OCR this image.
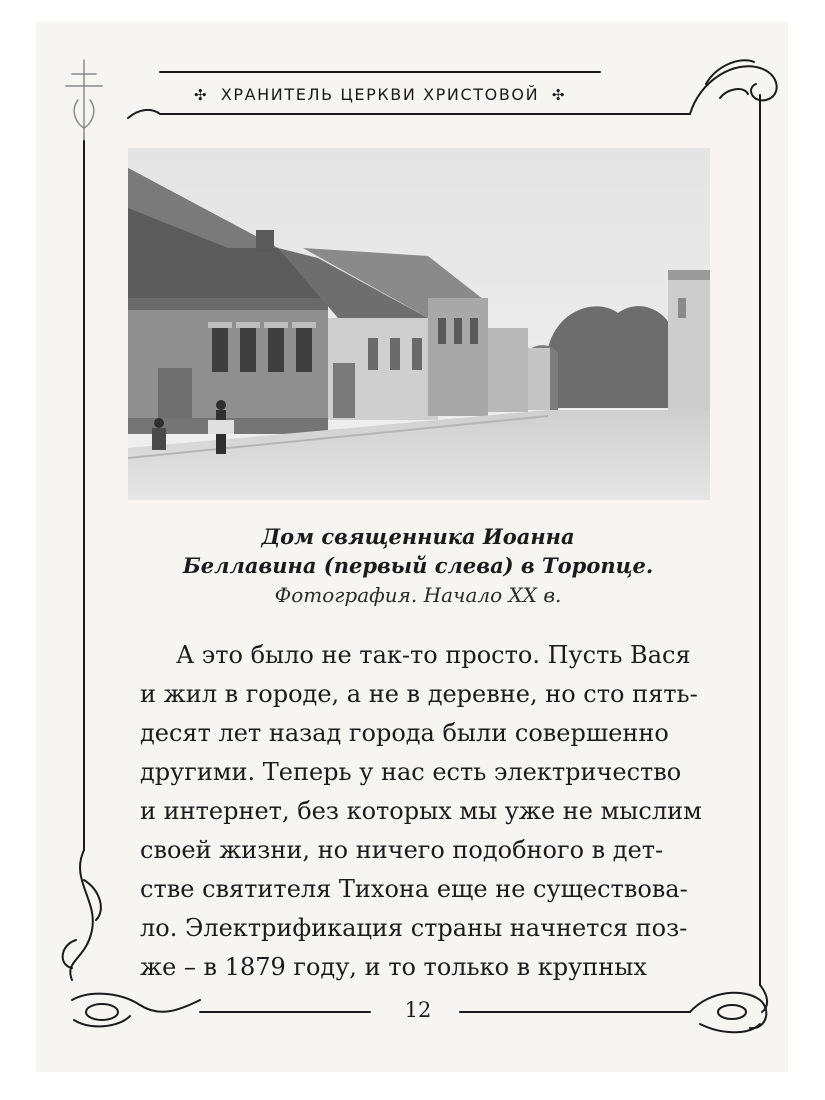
✣ ХРАНИТЕЛЬ ЦЕРКВИ ХРИСТОВОЙ ✣
Дом священника Иоанна
Беллавина (первый слева) в Торопце.
Фотография. Начало XX в.
А это было не так-то просто. Пусть Вася
и жил в городе, а не в деревне, но сто пять-
десят лет назад города были совершенно
другими. Теперь у нас есть электричество
и интернет, без которых мы уже не мыслим
своей жизни, но ничего подобного в дет-
стве святителя Тихона еще не существова-
ло. Электрификация страны начнется поз-
же – в 1879 году, и то только в крупных
12
